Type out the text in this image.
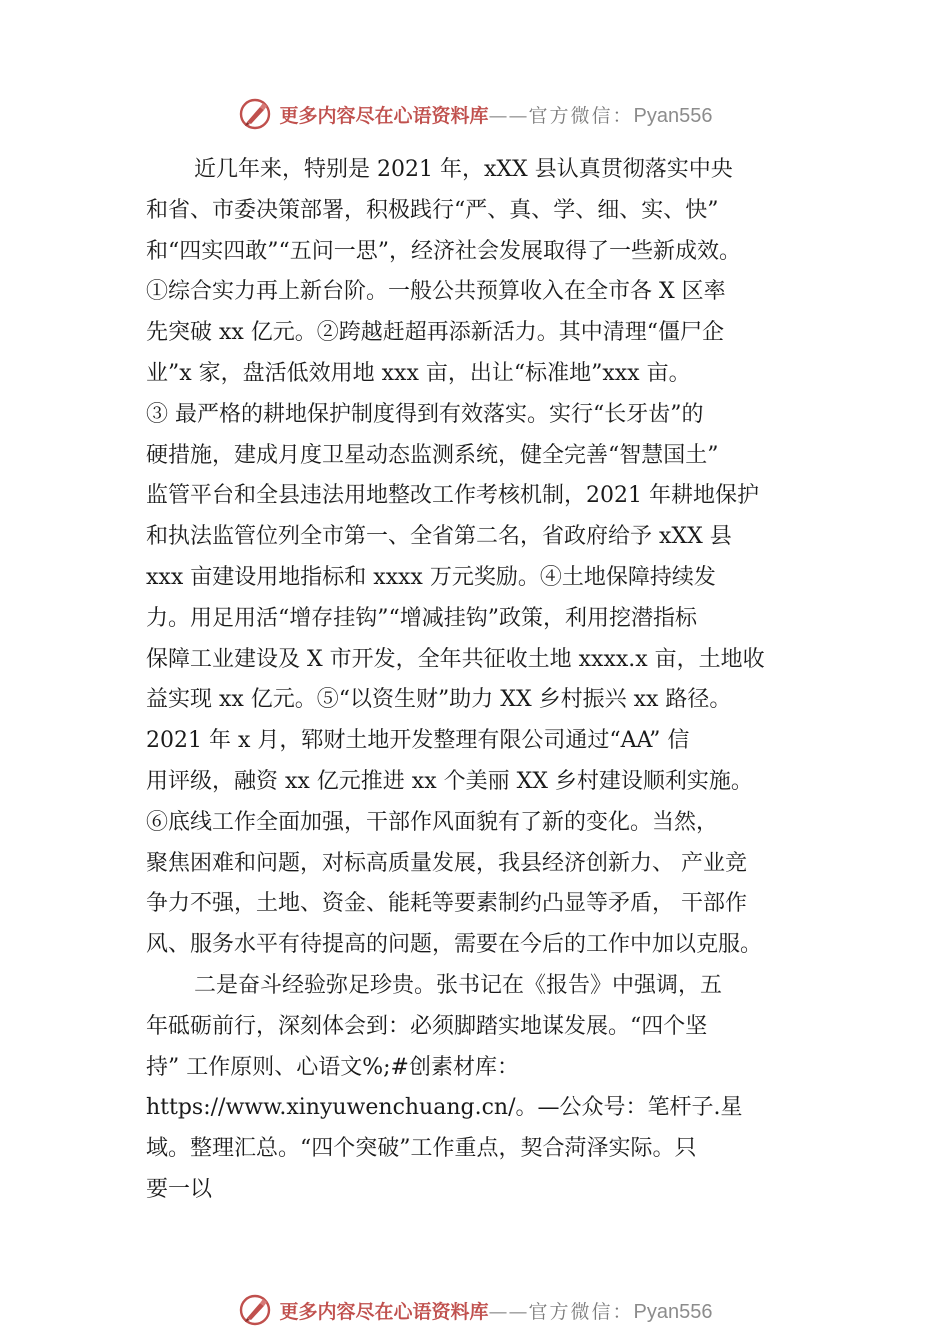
更多内容尽在心语资料库 —— 官方微信： Pyan556
近几年来，特别是 2021 年，xXX 县认真贯彻落实中央
和省、市委决策部署，积极践行“严、真、学、细、实、快”
和“四实四敢”“五问一思”，经济社会发展取得了一些新成效。
①综合实力再上新台阶。一般公共预算收入在全市各 X 区率
先突破 xx 亿元。②跨越赶超再添新活力。其中清理“僵尸企
业”x 家，盘活低效用地 xxx 亩，出让“标准地”xxx 亩。
③ 最严格的耕地保护制度得到有效落实。实行“长牙齿”的
硬措施，建成月度卫星动态监测系统，健全完善“智慧国土”
监管平台和全县违法用地整改工作考核机制，2021 年耕地保护
和执法监管位列全市第一、全省第二名，省政府给予 xXX 县
xxx 亩建设用地指标和 xxxx 万元奖励。④土地保障持续发
力。用足用活“增存挂钩”“增减挂钩”政策，利用挖潜指标
保障工业建设及 X 市开发，全年共征收土地 xxxx.x 亩，土地收
益实现 xx 亿元。⑤“以资生财”助力 XX 乡村振兴 xx 路径。
2021 年 x 月，郓财土地开发整理有限公司通过“AA” 信
用评级，融资 xx 亿元推进 xx 个美丽 XX 乡村建设顺利实施。
⑥底线工作全面加强，干部作风面貌有了新的变化。当然，
聚焦困难和问题，对标高质量发展，我县经济创新力、 产业竞
争力不强，土地、资金、能耗等要素制约凸显等矛盾， 干部作
风、服务水平有待提高的问题，需要在今后的工作中加以克服。
二是奋斗经验弥足珍贵。张书记在《报告》中强调，五
年砥砺前行，深刻体会到：必须脚踏实地谋发展。“四个坚
持” 工作原则、心语文%;#创素材库：
https://www.xinyuwenchuang.cn/。—公众号：笔杆子.星
域。整理汇总。“四个突破”工作重点，契合菏泽实际。只
要一以
更多内容尽在心语资料库 —— 官方微信： Pyan556
